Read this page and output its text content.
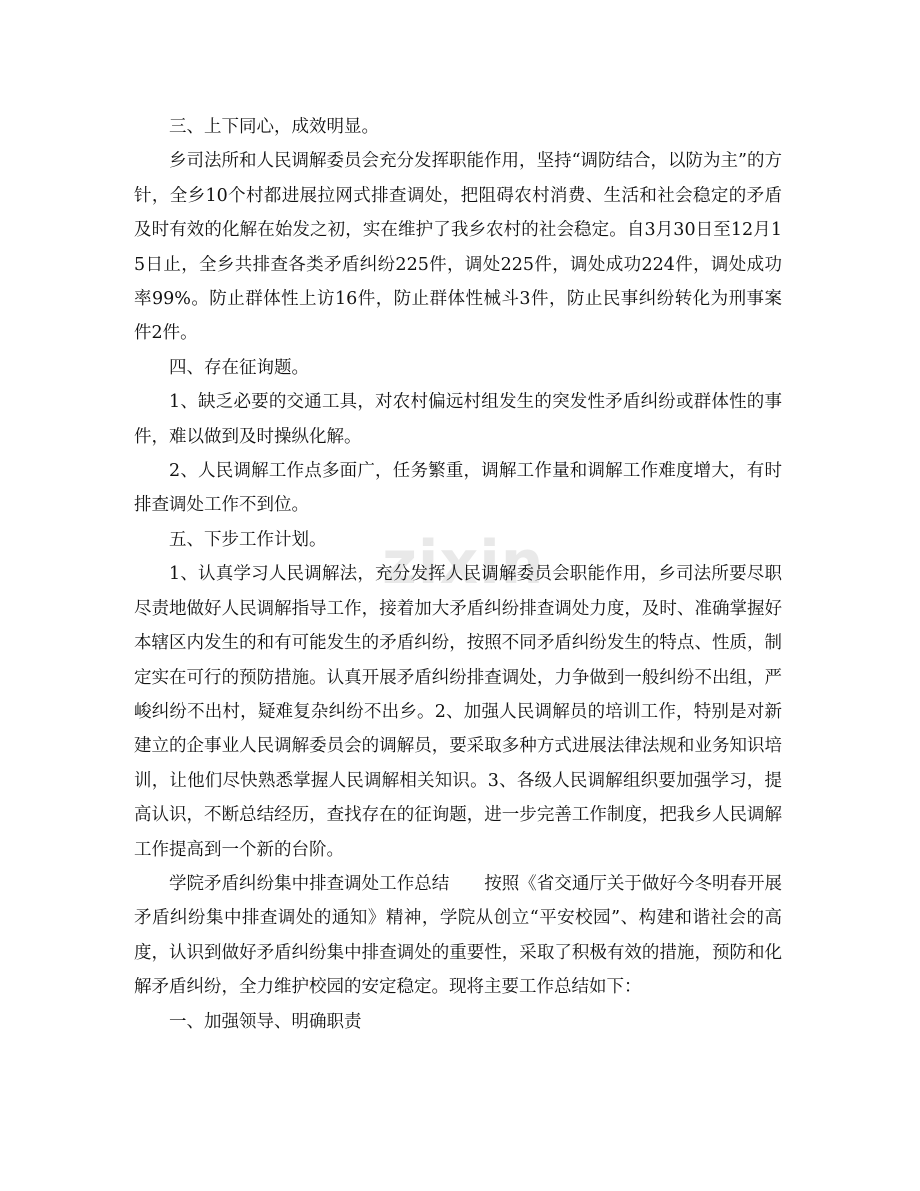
zixin

三、上下同心，成效明显。

乡司法所和人民调解委员会充分发挥职能作用，坚持“调防结合，以防为主”的方针，全乡10个村都进展拉网式排查调处，把阻碍农村消费、生活和社会稳定的矛盾及时有效的化解在始发之初，实在维护了我乡农村的社会稳定。自3月30日至12月15日止，全乡共排查各类矛盾纠纷225件，调处225件，调处成功224件，调处成功率99%。防止群体性上访16件，防止群体性械斗3件，防止民事纠纷转化为刑事案件2件。

四、存在征询题。

1、缺乏必要的交通工具，对农村偏远村组发生的突发性矛盾纠纷或群体性的事件，难以做到及时操纵化解。

2、人民调解工作点多面广，任务繁重，调解工作量和调解工作难度增大，有时排查调处工作不到位。

五、下步工作计划。

1、认真学习人民调解法，充分发挥人民调解委员会职能作用，乡司法所要尽职尽责地做好人民调解指导工作，接着加大矛盾纠纷排查调处力度，及时、准确掌握好本辖区内发生的和有可能发生的矛盾纠纷，按照不同矛盾纠纷发生的特点、性质，制定实在可行的预防措施。认真开展矛盾纠纷排查调处，力争做到一般纠纷不出组，严峻纠纷不出村，疑难复杂纠纷不出乡。2、加强人民调解员的培训工作，特别是对新建立的企事业人民调解委员会的调解员，要采取多种方式进展法律法规和业务知识培训，让他们尽快熟悉掌握人民调解相关知识。3、各级人民调解组织要加强学习，提高认识，不断总结经历，查找存在的征询题，进一步完善工作制度，把我乡人民调解工作提高到一个新的台阶。

学院矛盾纠纷集中排查调处工作总结　　按照《省交通厅关于做好今冬明春开展矛盾纠纷集中排查调处的通知》精神，学院从创立“平安校园”、构建和谐社会的高度，认识到做好矛盾纠纷集中排查调处的重要性，采取了积极有效的措施，预防和化解矛盾纠纷，全力维护校园的安定稳定。现将主要工作总结如下：

一、加强领导、明确职责
